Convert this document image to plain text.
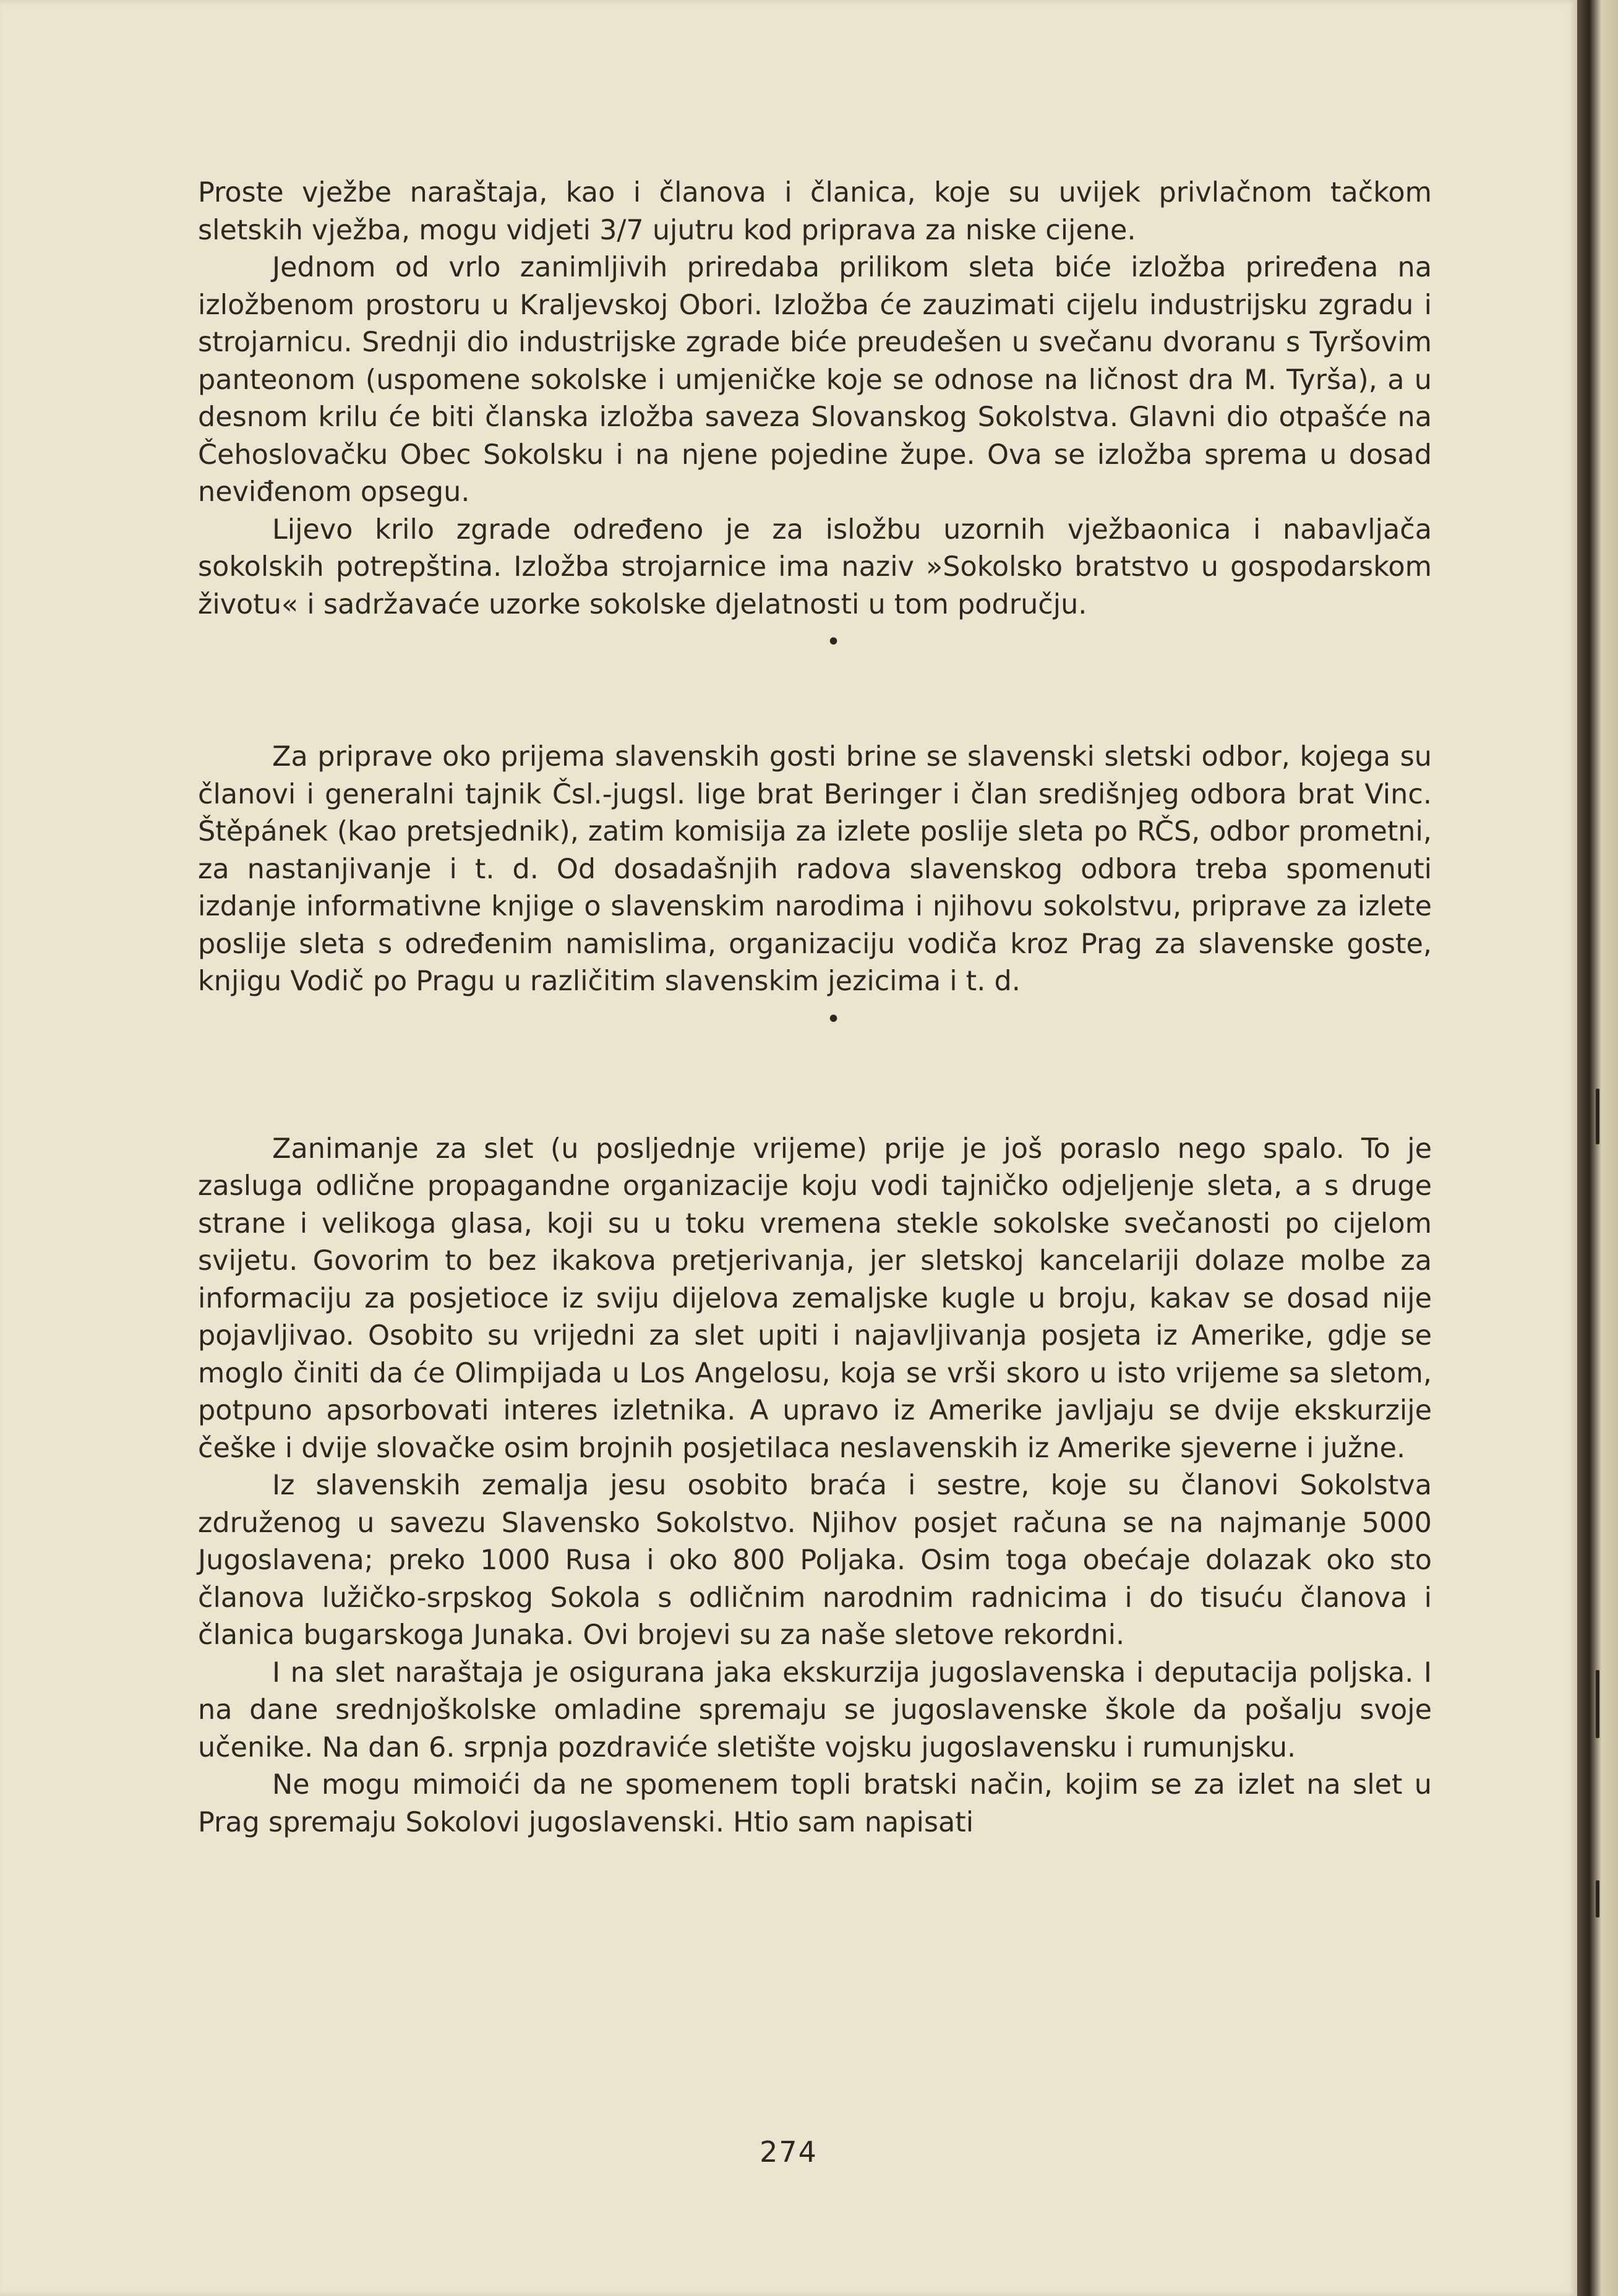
Proste vježbe naraštaja, kao i članova i članica, koje su uvijek privlačnom tačkom sletskih vježba, mogu vidjeti 3/7 ujutru kod priprava za niske cijene.

Jednom od vrlo zanimljivih priredaba prilikom sleta biće izložba priređena na izložbenom prostoru u Kraljevskoj Obori. Izložba će zauzimati cijelu industrijsku zgradu i strojarnicu. Srednji dio industrijske zgrade biće preudešen u svečanu dvoranu s Tyršovim panteonom (uspomene sokolske i umjeničke koje se odnose na ličnost dra M. Tyrša), a u desnom krilu će biti članska izložba saveza Slovanskog Sokolstva. Glavni dio otpašće na Čehoslovačku Obec Sokolsku i na njene pojedine župe. Ova se izložba sprema u dosad neviđenom opsegu.

Lijevo krilo zgrade određeno je za isložbu uzornih vježbaonica i nabavljača sokolskih potrepština. Izložba strojarnice ima naziv »Sokolsko bratstvo u gospodarskom životu« i sadržavaće uzorke sokolske djelatnosti u tom području.

•

Za pripravе oko prijema slavenskih gosti brine se slavenski sletski odbor, kojega su članovi i generalni tajnik Čsl.-jugsl. lige brat Beringer i član središnjeg odbora brat Vinc. Štěpánek (kao pretsjednik), zatim komisija za izlete poslije sleta po RČS, odbor prometni, za nastanjivanje i t. d. Od dosadašnjih radova slavenskog odbora treba spomenuti izdanje informativne knjige o slavenskim narodima i njihovu sokolstvu, priprave za izlete poslije sleta s određenim namislima, organizaciju vodiča kroz Prag za slavenske goste, knjigu Vodič po Pragu u različitim slavenskim jezicima i t. d.

•

Zanimanje za slet (u posljednje vrijeme) prije je još poraslo nego spalo. To je zasluga odlične propagandne organizacije koju vodi tajničko odjeljenje sleta, a s druge strane i velikoga glasa, koji su u toku vremena stekle sokolske svečanosti po cijelom svijetu. Govorim to bez ikakova pretjerivanja, jer sletskoj kancelariji dolaze molbe za informaciju za posjetioce iz sviju dijelova zemaljske kugle u broju, kakav se dosad nije pojavljivao. Osobito su vrijedni za slet upiti i najavljivanja posjeta iz Amerike, gdje se moglo činiti da će Olimpijada u Los Angelosu, koja se vrši skoro u isto vrijeme sa sletom, potpuno apsorbovati interes izletnika. A upravo iz Amerike javljaju se dvije ekskurzije češke i dvije slovačke osim brojnih posjetilaca neslavenskih iz Amerike sjeverne i južne.

Iz slavenskih zemalja jesu osobito braća i sestre, koje su članovi Sokolstva združenog u savezu Slavensko Sokolstvo. Njihov posjet računa se na najmanje 5000 Jugoslavena; preko 1000 Rusa i oko 800 Poljaka. Osim toga obećaje dolazak oko sto članova lužičko-srpskog Sokola s odličnim narodnim radnicima i do tisuću članova i članica bugarskoga Junaka. Ovi brojevi su za naše sletove rekordni.

I na slet naraštaja je osigurana jaka ekskurzija jugoslavenska i deputacija poljska. I na dane srednjoškolske omladine spremaju se jugoslavenske škole da pošalju svoje učenike. Na dan 6. srpnja pozdraviće sletište vojsku jugoslavensku i rumunjsku.

Ne mogu mimoići da ne spomenem topli bratski način, kojim se za izlet na slet u Prag spremaju Sokolovi jugoslavenski. Htio sam napisati

274
